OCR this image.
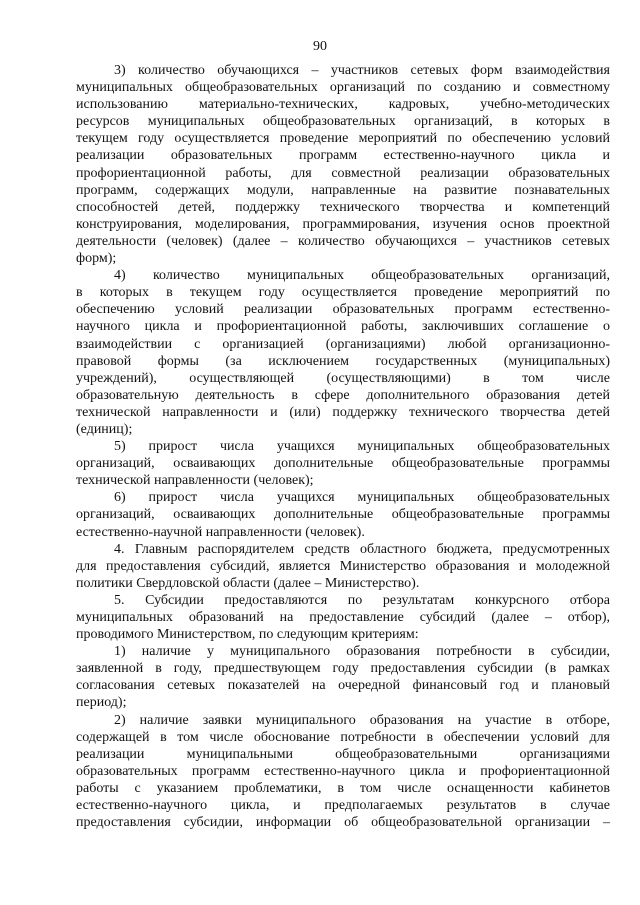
90
3) количество обучающихся – участников сетевых форм взаимодействия
муниципальных общеобразовательных организаций по созданию и совместному
использованию материально-технических, кадровых, учебно-методических
ресурсов муниципальных общеобразовательных организаций, в которых в
текущем году осуществляется проведение мероприятий по обеспечению условий
реализации образовательных программ естественно-научного цикла и
профориентационной работы, для совместной реализации образовательных
программ, содержащих модули, направленные на развитие познавательных
способностей детей, поддержку технического творчества и компетенций
конструирования, моделирования, программирования, изучения основ проектной
деятельности (человек) (далее – количество обучающихся – участников сетевых
форм);
4) количество муниципальных общеобразовательных организаций,
в которых в текущем году осуществляется проведение мероприятий по
обеспечению условий реализации образовательных программ естественно-
научного цикла и профориентационной работы, заключивших соглашение о
взаимодействии с организацией (организациями) любой организационно-
правовой формы (за исключением государственных (муниципальных)
учреждений), осуществляющей (осуществляющими) в том числе
образовательную деятельность в сфере дополнительного образования детей
технической направленности и (или) поддержку технического творчества детей
(единиц);
5) прирост числа учащихся муниципальных общеобразовательных
организаций, осваивающих дополнительные общеобразовательные программы
технической направленности (человек);
6) прирост числа учащихся муниципальных общеобразовательных
организаций, осваивающих дополнительные общеобразовательные программы
естественно-научной направленности (человек).
4. Главным распорядителем средств областного бюджета, предусмотренных
для предоставления субсидий, является Министерство образования и молодежной
политики Свердловской области (далее – Министерство).
5. Субсидии предоставляются по результатам конкурсного отбора
муниципальных образований на предоставление субсидий (далее – отбор),
проводимого Министерством, по следующим критериям:
1) наличие у муниципального образования потребности в субсидии,
заявленной в году, предшествующем году предоставления субсидии (в рамках
согласования сетевых показателей на очередной финансовый год и плановый
период);
2) наличие заявки муниципального образования на участие в отборе,
содержащей в том числе обоснование потребности в обеспечении условий для
реализации муниципальными общеобразовательными организациями
образовательных программ естественно-научного цикла и профориентационной
работы с указанием проблематики, в том числе оснащенности кабинетов
естественно-научного цикла, и предполагаемых результатов в случае
предоставления субсидии, информации об общеобразовательной организации –
